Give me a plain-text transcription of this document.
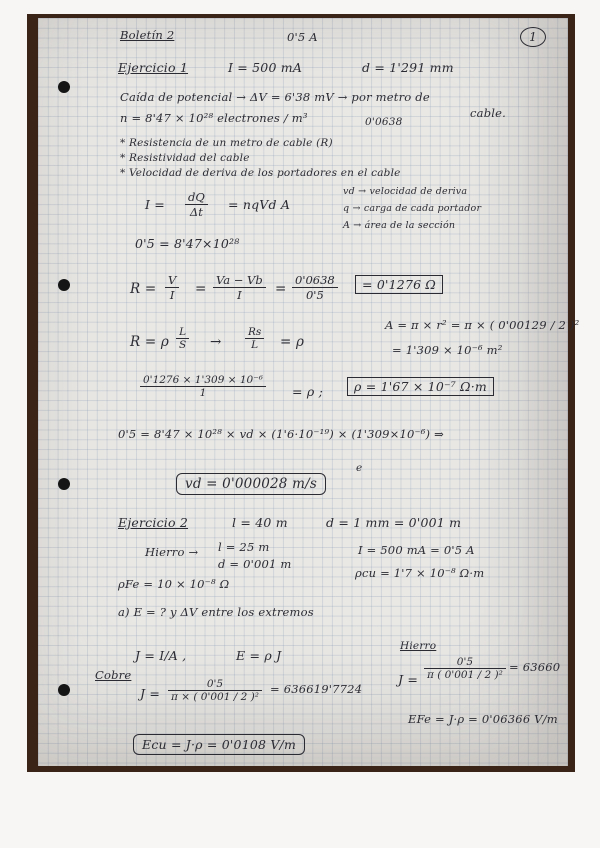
1
Boletín 2	0'5 A
Ejercicio 1	I = 500 mA	d = 1'291 mm
Caída de potencial → ΔV = 6'38 mV → por metro de
cable.
n = 8'47 × 10²⁸ electrones / m³	0'0638
* Resistencia de un metro de cable (R)
* Resistividad del cable
* Velocidad de deriva de los portadores en el cable
$I = \frac{dQ}{\Delta t}$ = nqVd A
vd → velocidad de deriva
q → carga de cada portador
A → área de la sección
0'5 = 8'47×10²⁸
$R = \frac{V}{I} = \frac{Va - Vb}{I} = \frac{0'0638}{0'5}$	= 0'1276 Ω
R = ρ $\frac{L}{S} \to \frac{Rs}{L} = \rho$
A = π × r² = π × ( 0'00129 / 2 )²
= 1'309 × 10⁻⁶ m²
$\frac{\text{0'1276 × 1'309 × 10⁻⁶}}{1} = \rho$ ;	ρ = 1'67 × 10⁻⁷ Ω·m
0'5 = 8'47 × 10²⁸ × vd × (1'6·10⁻¹⁹) × (1'309×10⁻⁶) ⇒
e
vd = 0'000028 m/s
Ejercicio 2	l = 40 m	d = 1 mm = 0'001 m
Hierro → l = 25 m
d = 0'001 m
I = 500 mA = 0'5 A
ρFe = 10 × 10⁻⁸ Ω
ρcu = 1'7 × 10⁻⁸ Ω·m
a) E = ? y ΔV entre los extremos
J = I/A ,	E = ρ J
Cobre
$J = \frac{0'5}{\text{π × ( 0'001 / 2 )²}} = 636619'7724$
Hierro
$J = \frac{0'5}{\text{π ( 0'001 / 2 )²}} = 63660$
EFe = J·ρ = 0'06366 V/m
Ecu = J·ρ = 0'0108 V/m
